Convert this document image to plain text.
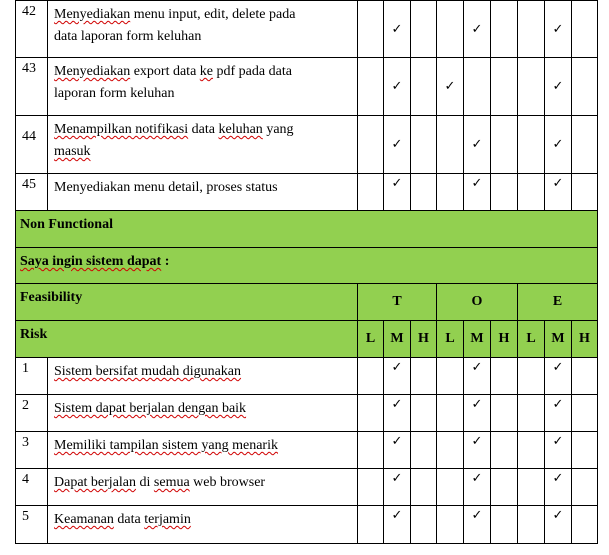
42	Menyediakan menu input, edit, delete pada
data laporan form keluhan		✓			✓			✓	
43	Menyediakan export data ke pdf pada data
laporan form keluhan		✓		✓				✓	
44	Menampilkan notifikasi data keluhan yang
masuk		✓			✓			✓	
45	Menyediakan menu detail, proses status		✓			✓			✓	
Non Functional										
Saya ingin sistem dapat :										
Feasibility		T			O			E		
Risk		L	M	H	L	M	H	L	M	H
1	Sistem bersifat mudah digunakan		✓			✓			✓	
2	Sistem dapat berjalan dengan baik		✓			✓			✓	
3	Memiliki tampilan sistem yang menarik		✓			✓			✓	
4	Dapat berjalan di semua web browser		✓			✓			✓	
5	Keamanan data terjamin		✓			✓			✓	
